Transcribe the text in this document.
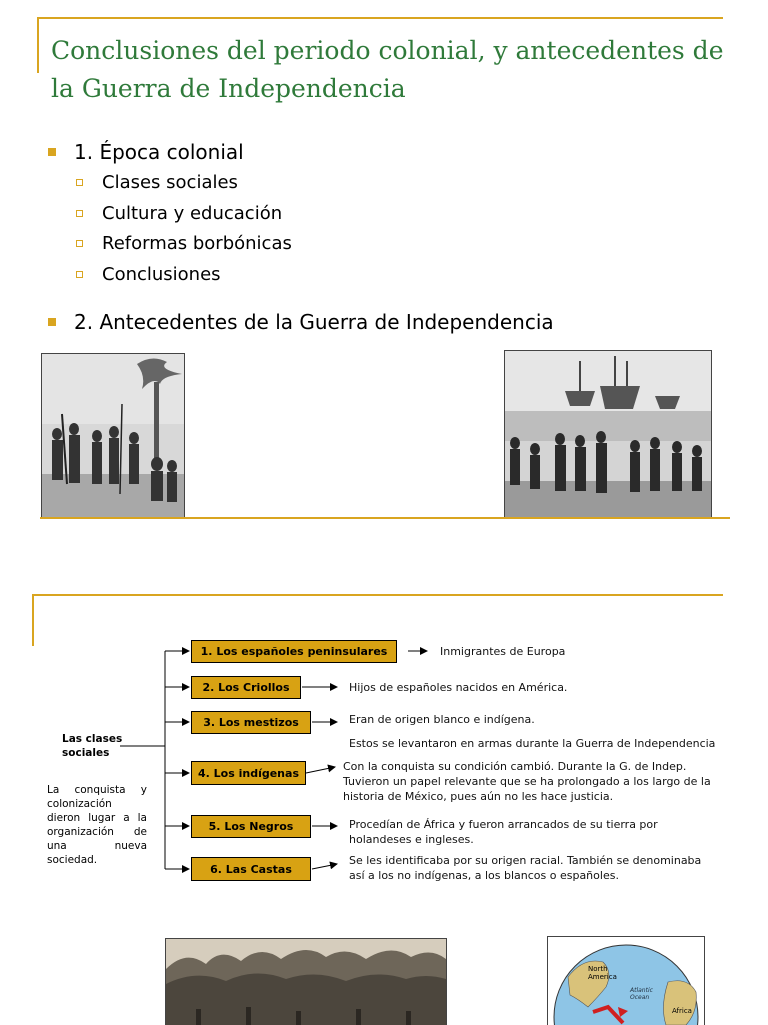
Conclusiones del periodo colonial, y antecedentes de la Guerra de Independencia
1. Época colonial
Clases sociales
Cultura y educación
Reformas borbónicas
Conclusiones
2. Antecedentes de la Guerra de Independencia
Las clases sociales
La conquista y colonización dieron lugar a la organización de una nueva sociedad.
1. Los españoles peninsulares
2. Los Criollos
3. Los mestizos
4. Los indígenas
5. Los Negros
6. Las Castas
Inmigrantes de Europa
Hijos de españoles nacidos en América.
Eran de origen blanco e indígena.
Estos se levantaron en armas durante la Guerra de Independencia
Con la conquista su condición cambió. Durante la G. de Indep. Tuvieron un papel relevante que se ha prolongado a los largo de la historia de México, pues aún no les hace justicia.
Procedían de África y fueron arrancados de su tierra por holandeses e ingleses.
Se les identificaba por su origen racial. También se denominaba así a los no indígenas, a los blancos o españoles.
North America
Atlantic Ocean
Africa
